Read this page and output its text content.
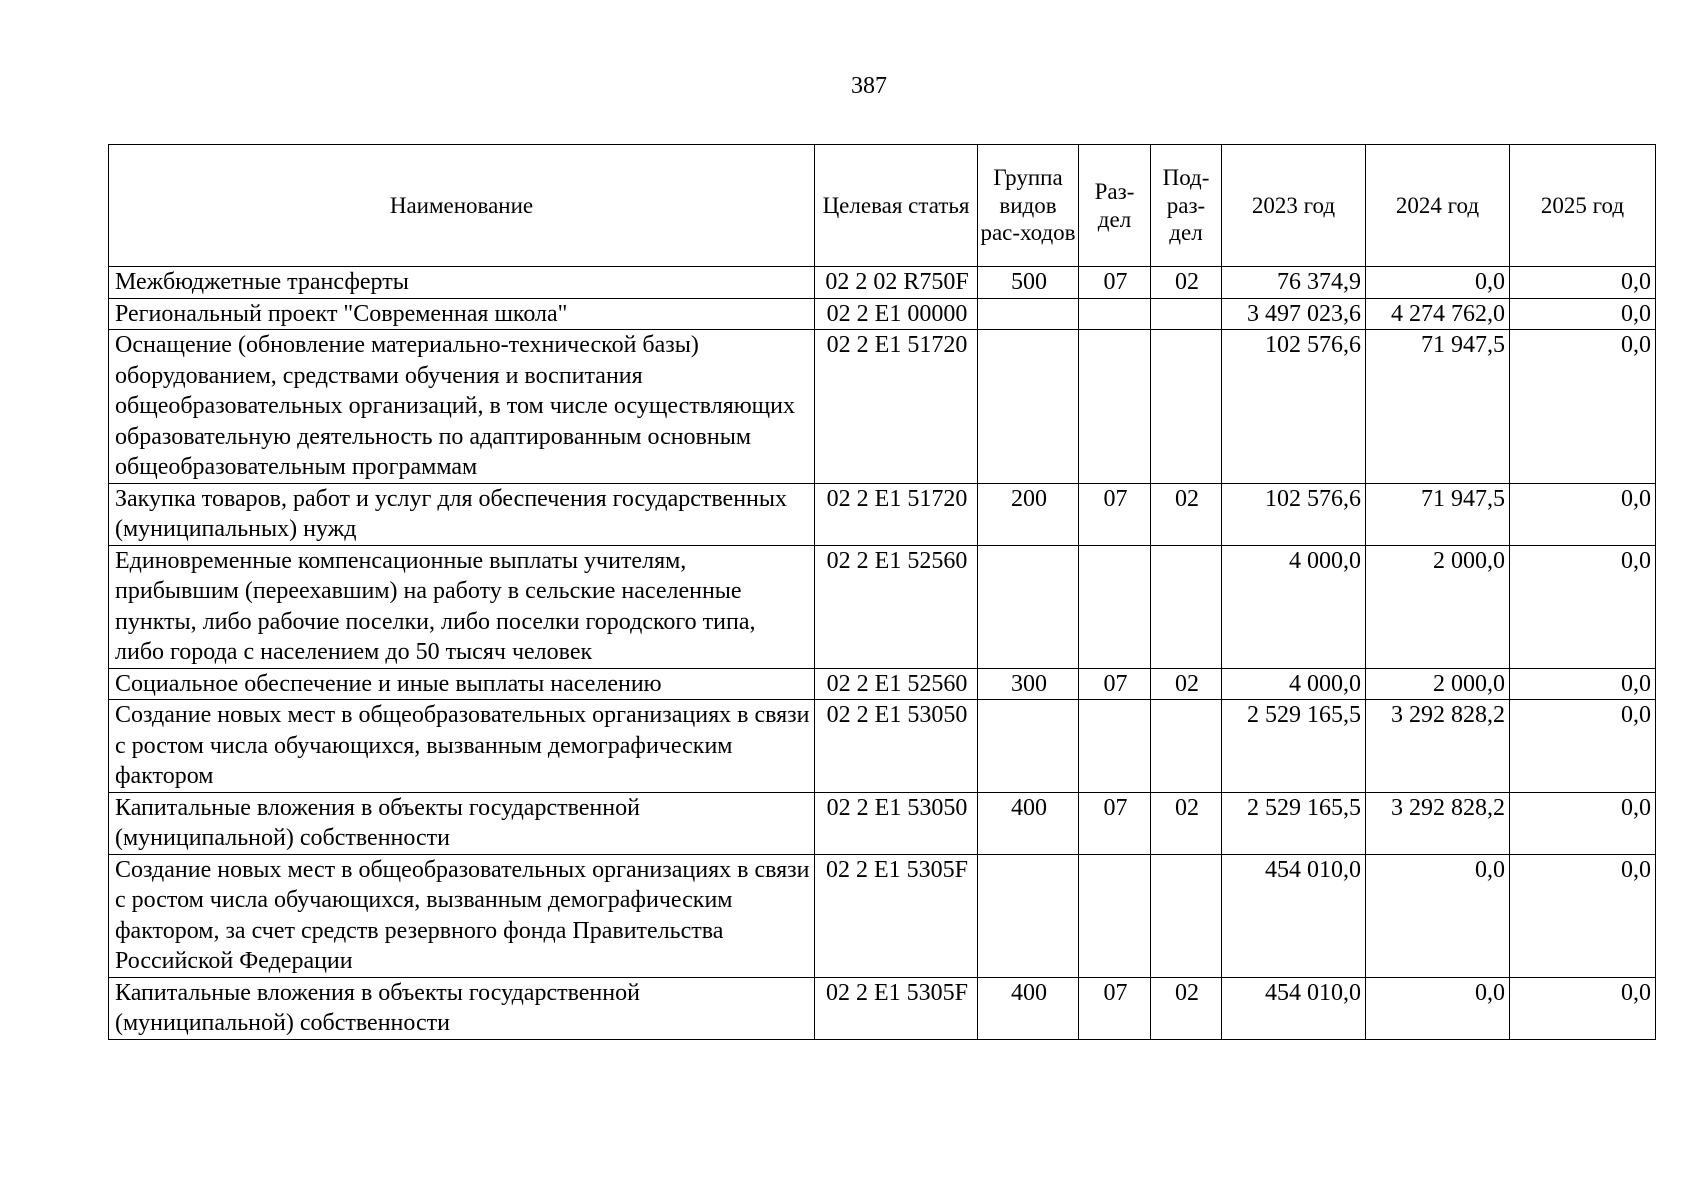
387
Наименование	Целевая статья	Группа видов рас-ходов	Раз-дел	Под-раз-дел	2023 год	2024 год	2025 год
Межбюджетные трансферты	02 2 02 R750F	500	07	02	76 374,9	0,0	0,0
Региональный проект "Современная школа"	02 2 E1 00000				3 497 023,6	4 274 762,0	0,0
Оснащение (обновление материально-технической базы) оборудованием, средствами обучения и воспитания общеобразовательных организаций, в том числе осуществляющих образовательную деятельность по адаптированным основным общеобразовательным программам	02 2 E1 51720				102 576,6	71 947,5	0,0
Закупка товаров, работ и услуг для обеспечения государственных (муниципальных) нужд	02 2 E1 51720	200	07	02	102 576,6	71 947,5	0,0
Единовременные компенсационные выплаты учителям, прибывшим (переехавшим) на работу в сельские населенные пункты, либо рабочие поселки, либо поселки городского типа, либо города с населением до 50 тысяч человек	02 2 E1 52560				4 000,0	2 000,0	0,0
Социальное обеспечение и иные выплаты населению	02 2 E1 52560	300	07	02	4 000,0	2 000,0	0,0
Создание новых мест в общеобразовательных организациях в связи с ростом числа обучающихся, вызванным демографическим фактором	02 2 E1 53050				2 529 165,5	3 292 828,2	0,0
Капитальные вложения в объекты государственной (муниципальной) собственности	02 2 E1 53050	400	07	02	2 529 165,5	3 292 828,2	0,0
Создание новых мест в общеобразовательных организациях в связи с ростом числа обучающихся, вызванным демографическим фактором, за счет средств резервного фонда Правительства Российской Федерации	02 2 E1 5305F				454 010,0	0,0	0,0
Капитальные вложения в объекты государственной (муниципальной) собственности	02 2 E1 5305F	400	07	02	454 010,0	0,0	0,0
